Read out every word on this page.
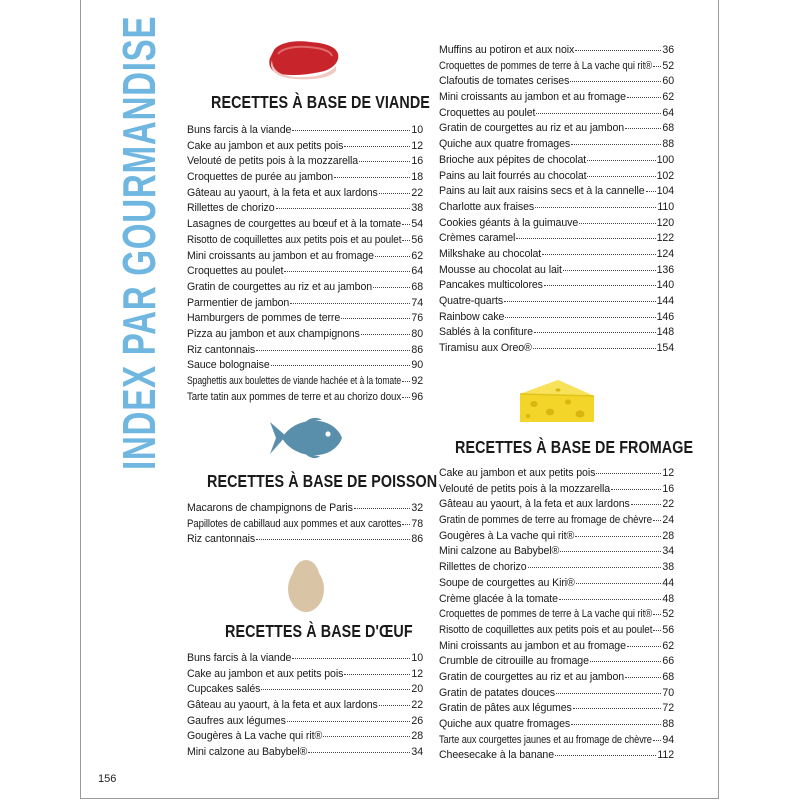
INDEX PAR GOURMANDISE	RECETTES À BASE DE VIANDE
Buns farcis à la viande	10
Cake au jambon et aux petits pois	12
Velouté de petits pois à la mozzarella	16
Croquettes de purée au jambon	18
Gâteau au yaourt, à la feta et aux lardons	22
Rillettes de chorizo	38
Lasagnes de courgettes au bœuf et à la tomate 54
Risotto de coquillettes aux petits pois et au poulet 56
Mini croissants au jambon et au fromage	62
Croquettes au poulet	64
Gratin de courgettes au riz et au jambon	68
Parmentier de jambon	74
Hamburgers de pommes de terre	76
Pizza au jambon et aux champignons	80
Riz cantonnais	86
Sauce bolognaise	90
Spaghettis aux boulettes de viande hachée et à la tomate 92
Tarte tatin aux pommes de terre et au chorizo doux 96
RECETTES À BASE DE POISSON
Macarons de champignons de Paris	32
Papillotes de cabillaud aux pommes et aux carottes 78
Riz cantonnais	86
RECETTES À BASE D'ŒUF
Buns farcis à la viande	10
Cake au jambon et aux petits pois	12
Cupcakes salés	20
Gâteau au yaourt, à la feta et aux lardons	22
Gaufres aux légumes	26
Gougères à La vache qui rit®	28
Mini calzone au Babybel®	34
Muffins au potiron et aux noix	36
Croquettes de pommes de terre à La vache qui rit® 52
Clafoutis de tomates cerises	60
Mini croissants au jambon et au fromage	62
Croquettes au poulet	64
Gratin de courgettes au riz et au jambon	68
Quiche aux quatre fromages	88
Brioche aux pépites de chocolat	100
Pains au lait fourrés au chocolat	102
Pains au lait aux raisins secs et à la cannelle 104
Charlotte aux fraises	110
Cookies géants à la guimauve	120
Crèmes caramel	122
Milkshake au chocolat	124
Mousse au chocolat au lait	136
Pancakes multicolores	140
Quatre-quarts	144
Rainbow cake	146
Sablés à la confiture	148
Tiramisu aux Oreo®	154
RECETTES À BASE DE FROMAGE
Cake au jambon et aux petits pois	12
Velouté de petits pois à la mozzarella	16
Gâteau au yaourt, à la feta et aux lardons	22
Gratin de pommes de terre au fromage de chèvre 24
Gougères à La vache qui rit®	28
Mini calzone au Babybel®	34
Rillettes de chorizo	38
Soupe de courgettes au Kiri®	44
Crème glacée à la tomate	48
Croquettes de pommes de terre à La vache qui rit® 52
Risotto de coquillettes aux petits pois et au poulet 56
Mini croissants au jambon et au fromage	62
Crumble de citrouille au fromage	66
Gratin de courgettes au riz et au jambon	68
Gratin de patates douces	70
Gratin de pâtes aux légumes	72
Quiche aux quatre fromages	88
Tarte aux courgettes jaunes et au fromage de chèvre 94
Cheesecake à la banane	112
156
